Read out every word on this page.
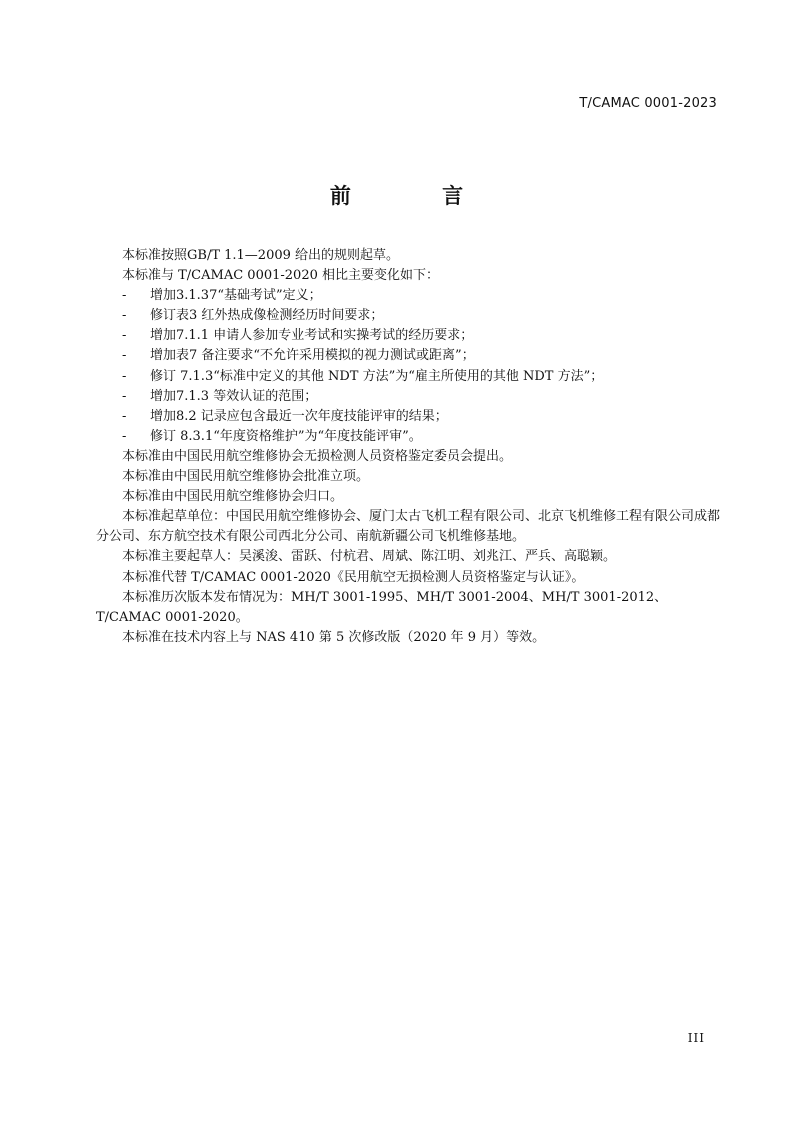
T/CAMAC 0001-2023
前 言

本标准按照GB/T 1.1—2009 给出的规则起草。

本标准与 T/CAMAC 0001-2020 相比主要变化如下：

- 增加3.1.37“基础考试”定义；

- 修订表3 红外热成像检测经历时间要求；

- 增加7.1.1 申请人参加专业考试和实操考试的经历要求；

- 增加表7 备注要求“不允许采用模拟的视力测试或距离”；

- 修订 7.1.3“标准中定义的其他 NDT 方法”为“雇主所使用的其他 NDT 方法”；

- 增加7.1.3 等效认证的范围；

- 增加8.2 记录应包含最近一次年度技能评审的结果；

- 修订 8.3.1“年度资格维护”为“年度技能评审”。

本标准由中国民用航空维修协会无损检测人员资格鉴定委员会提出。

本标准由中国民用航空维修协会批准立项。

本标准由中国民用航空维修协会归口。

本标准起草单位：中国民用航空维修协会、厦门太古飞机工程有限公司、北京飞机维修工程有限公司成都分公司、东方航空技术有限公司西北分公司、南航新疆公司飞机维修基地。

本标准主要起草人：吴溪浚、雷跃、付杭君、周斌、陈江明、刘兆江、严兵、高聪颖。

本标准代替 T/CAMAC 0001-2020《民用航空无损检测人员资格鉴定与认证》。

本标准历次版本发布情况为：MH/T 3001-1995、MH/T 3001-2004、MH/T 3001-2012、T/CAMAC 0001-2020。

本标准在技术内容上与 NAS 410 第 5 次修改版（2020 年 9 月）等效。

III
